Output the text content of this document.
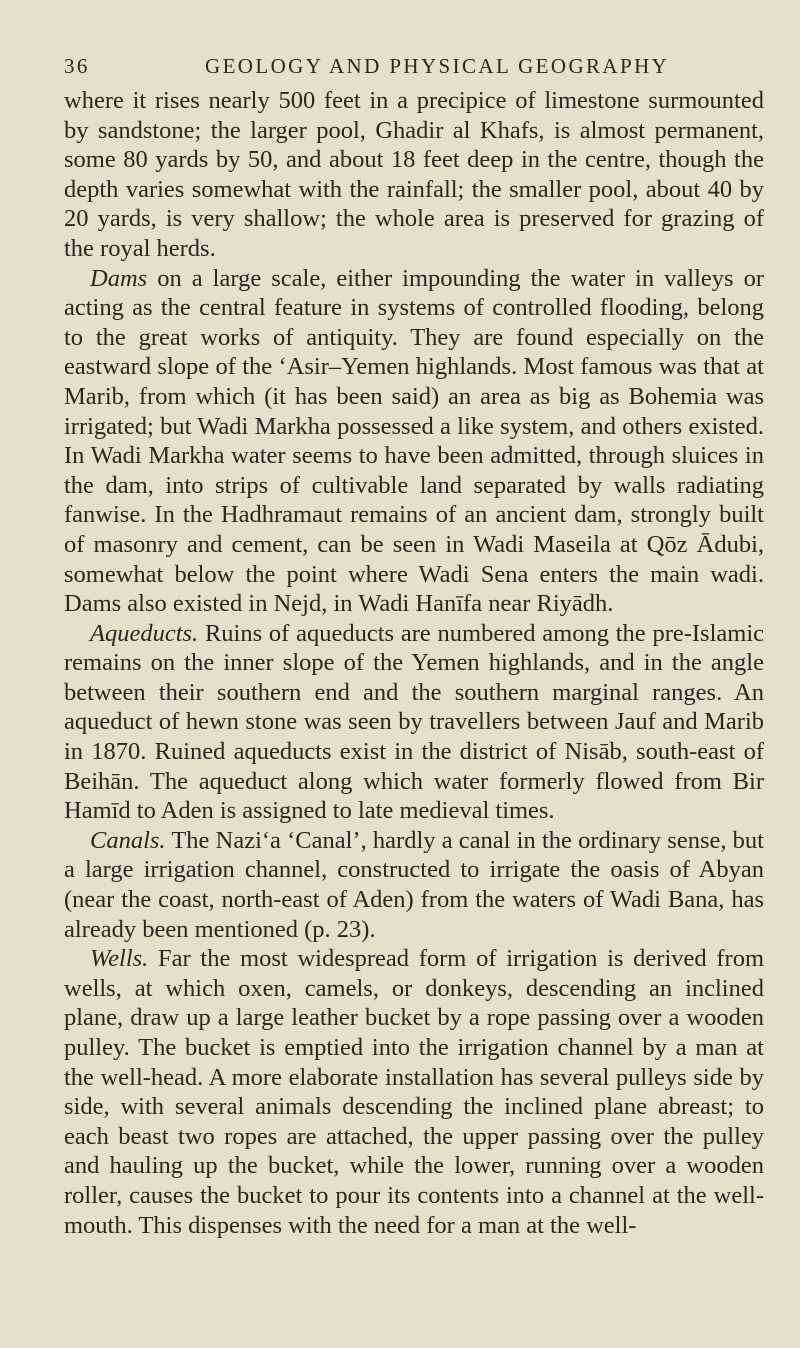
36	GEOLOGY AND PHYSICAL GEOGRAPHY

where it rises nearly 500 feet in a precipice of limestone surmounted by sandstone; the larger pool, Ghadir al Khafs, is almost permanent, some 80 yards by 50, and about 18 feet deep in the centre, though the depth varies somewhat with the rainfall; the smaller pool, about 40 by 20 yards, is very shallow; the whole area is preserved for grazing of the royal herds.

Dams on a large scale, either impounding the water in valleys or acting as the central feature in systems of controlled flooding, belong to the great works of antiquity. They are found especially on the eastward slope of the ‘Asir–Yemen highlands. Most famous was that at Marib, from which (it has been said) an area as big as Bohemia was irrigated; but Wadi Markha possessed a like system, and others existed. In Wadi Markha water seems to have been admitted, through sluices in the dam, into strips of cultivable land separated by walls radiating fanwise. In the Hadhramaut remains of an ancient dam, strongly built of masonry and cement, can be seen in Wadi Maseila at Qōz Ādubi, somewhat below the point where Wadi Sena enters the main wadi. Dams also existed in Nejd, in Wadi Hanīfa near Riyādh.

Aqueducts. Ruins of aqueducts are numbered among the pre-Islamic remains on the inner slope of the Yemen highlands, and in the angle between their southern end and the southern marginal ranges. An aqueduct of hewn stone was seen by travellers between Jauf and Marib in 1870. Ruined aqueducts exist in the district of Nisāb, south-east of Beihān. The aqueduct along which water formerly flowed from Bir Hamīd to Aden is assigned to late medieval times.

Canals. The Nazi‘a ‘Canal’, hardly a canal in the ordinary sense, but a large irrigation channel, constructed to irrigate the oasis of Abyan (near the coast, north-east of Aden) from the waters of Wadi Bana, has already been mentioned (p. 23).

Wells. Far the most widespread form of irrigation is derived from wells, at which oxen, camels, or donkeys, descending an inclined plane, draw up a large leather bucket by a rope passing over a wooden pulley. The bucket is emptied into the irrigation channel by a man at the well-head. A more elaborate installation has several pulleys side by side, with several animals descending the inclined plane abreast; to each beast two ropes are attached, the upper passing over the pulley and hauling up the bucket, while the lower, running over a wooden roller, causes the bucket to pour its contents into a channel at the well-mouth. This dispenses with the need for a man at the well-
